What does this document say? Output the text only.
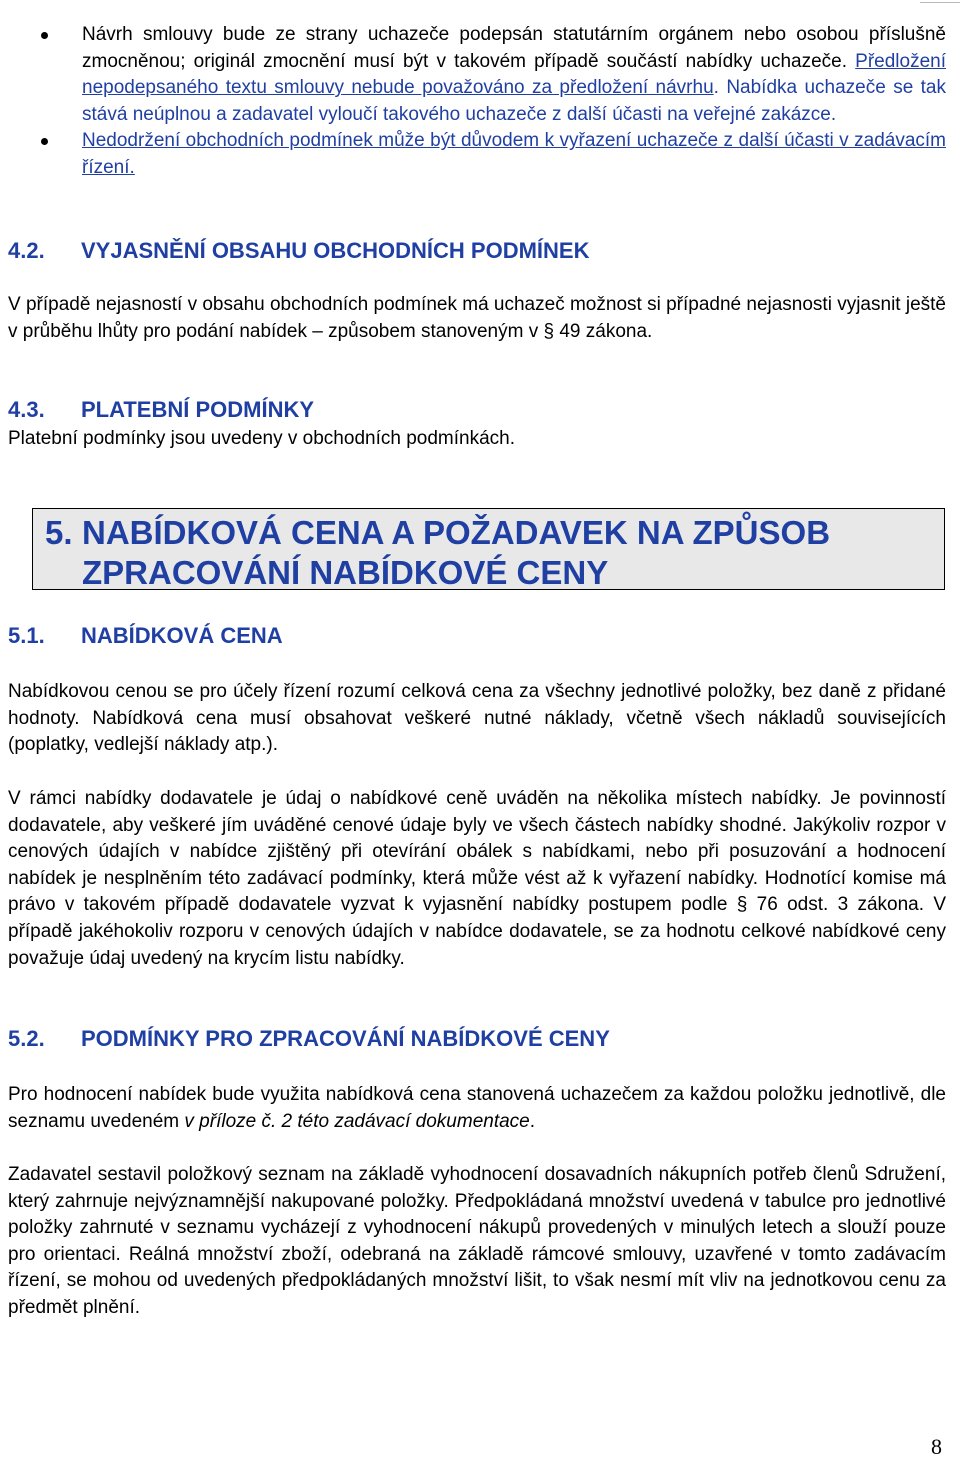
Návrh smlouvy bude ze strany uchazeče podepsán statutárním orgánem nebo osobou příslušně zmocněnou; originál zmocnění musí být v takovém případě součástí nabídky uchazeče. Předložení nepodepsaného textu smlouvy nebude považováno za předložení návrhu. Nabídka uchazeče se tak stává neúplnou a zadavatel vyloučí takového uchazeče z další účasti na veřejné zakázce.
Nedodržení obchodních podmínek může být důvodem k vyřazení uchazeče z další účasti v zadávacím řízení.
4.2. VYJASNĚNÍ OBSAHU OBCHODNÍCH PODMÍNEK
V případě nejasností v obsahu obchodních podmínek má uchazeč možnost si případné nejasnosti vyjasnit ještě v průběhu lhůty pro podání nabídek – způsobem stanoveným v § 49 zákona.
4.3. PLATEBNÍ PODMÍNKY
Platební podmínky jsou uvedeny v obchodních podmínkách.
5. NABÍDKOVÁ CENA A POŽADAVEK NA ZPŮSOB
ZPRACOVÁNÍ NABÍDKOVÉ CENY
5.1. NABÍDKOVÁ CENA
Nabídkovou cenou se pro účely řízení rozumí celková cena za všechny jednotlivé položky, bez daně z přidané hodnoty. Nabídková cena musí obsahovat veškeré nutné náklady, včetně všech nákladů souvisejících (poplatky, vedlejší náklady atp.).
V rámci nabídky dodavatele je údaj o nabídkové ceně uváděn na několika místech nabídky. Je povinností dodavatele, aby veškeré jím uváděné cenové údaje byly ve všech částech nabídky shodné. Jakýkoliv rozpor v cenových údajích v nabídce zjištěný při otevírání obálek s nabídkami, nebo při posuzování a hodnocení nabídek je nesplněním této zadávací podmínky, která může vést až k vyřazení nabídky. Hodnotící komise má právo v takovém případě dodavatele vyzvat k vyjasnění nabídky postupem podle § 76 odst. 3 zákona. V případě jakéhokoliv rozporu v cenových údajích v nabídce dodavatele, se za hodnotu celkové nabídkové ceny považuje údaj uvedený na krycím listu nabídky.
5.2. PODMÍNKY PRO ZPRACOVÁNÍ NABÍDKOVÉ CENY
Pro hodnocení nabídek bude využita nabídková cena stanovená uchazečem za každou položku jednotlivě, dle seznamu uvedeném v příloze č. 2 této zadávací dokumentace.
Zadavatel sestavil položkový seznam na základě vyhodnocení dosavadních nákupních potřeb členů Sdružení, který zahrnuje nejvýznamnější nakupované položky. Předpokládaná množství uvedená v tabulce pro jednotlivé položky zahrnuté v seznamu vycházejí z vyhodnocení nákupů provedených v minulých letech a slouží pouze pro orientaci. Reálná množství zboží, odebraná na základě rámcové smlouvy, uzavřené v tomto zadávacím řízení, se mohou od uvedených předpokládaných množství lišit, to však nesmí mít vliv na jednotkovou cenu za předmět plnění.
8
